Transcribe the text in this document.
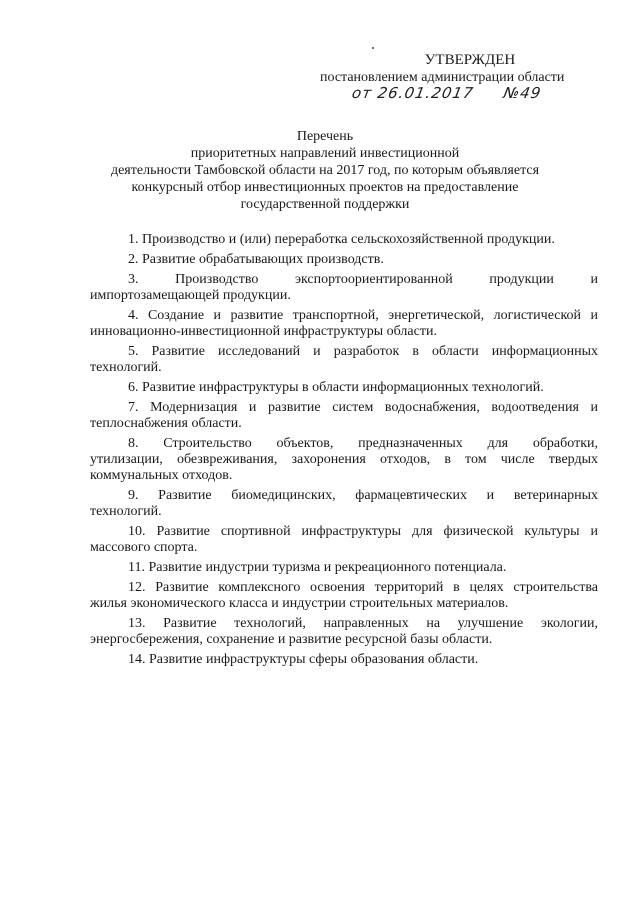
УТВЕРЖДЕН
постановлением администрации области
от 26.01.2017 №49
Перечень
приоритетных направлений инвестиционной
деятельности Тамбовской области на 2017 год, по которым объявляется
конкурсный отбор инвестиционных проектов на предоставление
государственной поддержки
1. Производство и (или) переработка сельскохозяйственной продукции.
2. Развитие обрабатывающих производств.
3. Производство экспортоориентированной продукции и
импортозамещающей продукции.
4. Создание и развитие транспортной, энергетической, логистической и
инновационно-инвестиционной инфраструктуры области.
5. Развитие исследований и разработок в области информационных
технологий.
6. Развитие инфраструктуры в области информационных технологий.
7. Модернизация и развитие систем водоснабжения, водоотведения и
теплоснабжения области.
8. Строительство объектов, предназначенных для обработки,
утилизации, обезвреживания, захоронения отходов, в том числе твердых
коммунальных отходов.
9. Развитие биомедицинских, фармацевтических и ветеринарных
технологий.
10. Развитие спортивной инфраструктуры для физической культуры и
массового спорта.
11. Развитие индустрии туризма и рекреационного потенциала.
12. Развитие комплексного освоения территорий в целях строительства
жилья экономического класса и индустрии строительных материалов.
13. Развитие технологий, направленных на улучшение экологии,
энергосбережения, сохранение и развитие ресурсной базы области.
14. Развитие инфраструктуры сферы образования области.
